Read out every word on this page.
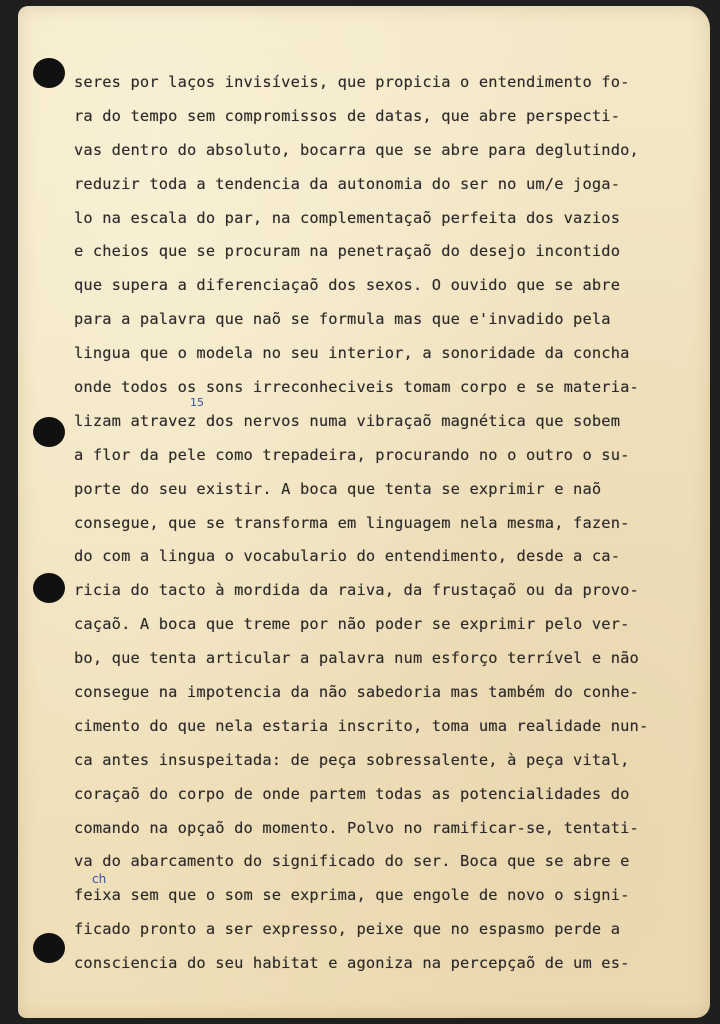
seres por laços invisíveis, que propicia o entendimento fo-
ra do tempo sem compromissos de datas, que abre perspecti-
vas dentro do absoluto, bocarra que se abre para deglutindo,
reduzir toda a tendencia da autonomia do ser no um/e joga-
lo na escala do par, na complementaçaõ perfeita dos vazios
e cheios que se procuram na penetraçaõ do desejo incontido
que supera a diferenciaçaõ dos sexos. O ouvido que se abre
para a palavra que naõ se formula mas que e'invadido pela
lingua que o modela no seu interior, a sonoridade da concha
onde todos os sons irreconheciveis tomam corpo e se materia-
lizam atravez dos nervos numa vibraçaõ magnética que sobem
a flor da pele como trepadeira, procurando no o outro o su-
porte do seu existir. A boca que tenta se exprimir e naõ
consegue, que se transforma em linguagem nela mesma, fazen-
do com a lingua o vocabulario do entendimento, desde a ca-
ricia do tacto à mordida da raiva, da frustaçaõ ou da provo-
caçaõ. A boca que treme por não poder se exprimir pelo ver-
bo, que tenta articular a palavra num esforço terrível e não
consegue na impotencia da não sabedoria mas também do conhe-
cimento do que nela estaria inscrito, toma uma realidade nun-
ca antes insuspeitada: de peça sobressalente, à peça vital,
coraçaõ do corpo de onde partem todas as potencialidades do
comando na opçaõ do momento. Polvo no ramificar-se, tentati-
va do abarcamento do significado do ser. Boca que se abre e
feixa sem que o som se exprima, que engole de novo o signi-
ficado pronto a ser expresso, peixe que no espasmo perde a
consciencia do seu habitat e agoniza na percepçaõ de um es-
15
ch
